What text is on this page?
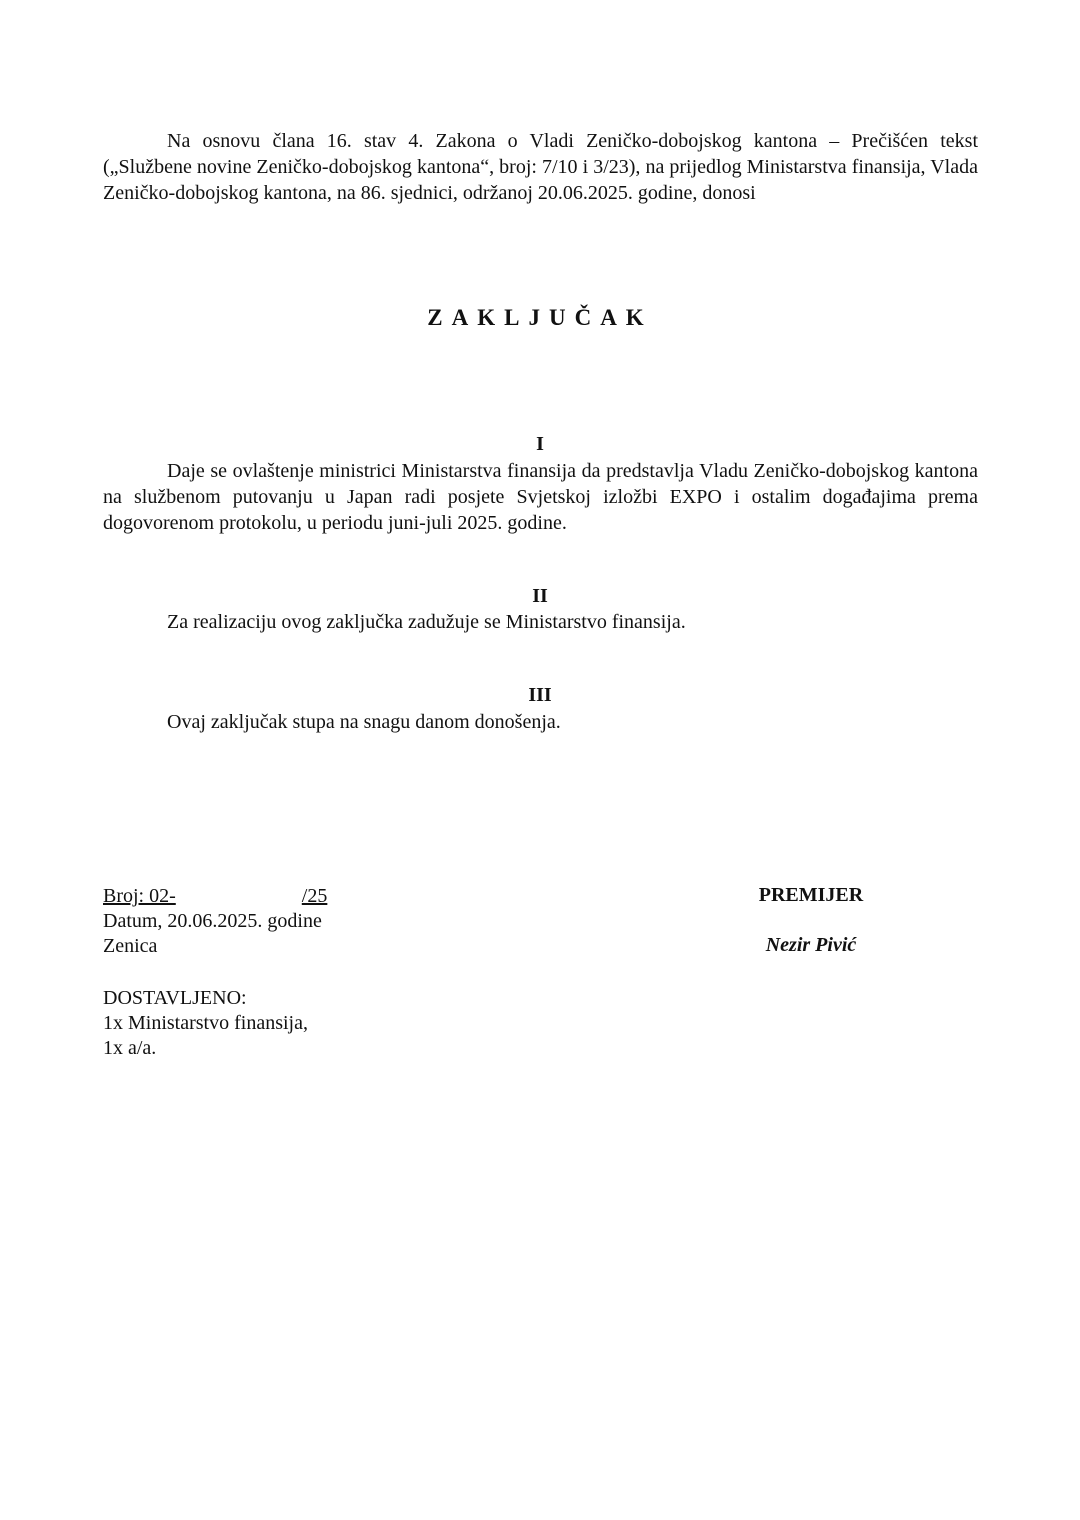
Na osnovu člana 16. stav 4. Zakona o Vladi Zeničko-dobojskog kantona – Prečišćen tekst („Službene novine Zeničko-dobojskog kantona“, broj: 7/10 i 3/23), na prijedlog Ministarstva finansija, Vlada Zeničko-dobojskog kantona, na 86. sjednici, održanoj 20.06.2025. godine, donosi

ZAKLJUČAK
I

Daje se ovlaštenje ministrici Ministarstva finansija da predstavlja Vladu Zeničko-dobojskog kantona na službenom putovanju u Japan radi posjete Svjetskoj izložbi EXPO i ostalim događajima prema dogovorenom protokolu, u periodu juni-juli 2025. godine.

II

Za realizaciju ovog zaključka zadužuje se Ministarstvo finansija.

III

Ovaj zaključak stupa na snagu danom donošenja.

Broj: 02-	/25
Datum, 20.06.2025. godine
Zenica
PREMIJER
Nezir Pivić
DOSTAVLJENO:
1x Ministarstvo finansija,
1x a/a.
